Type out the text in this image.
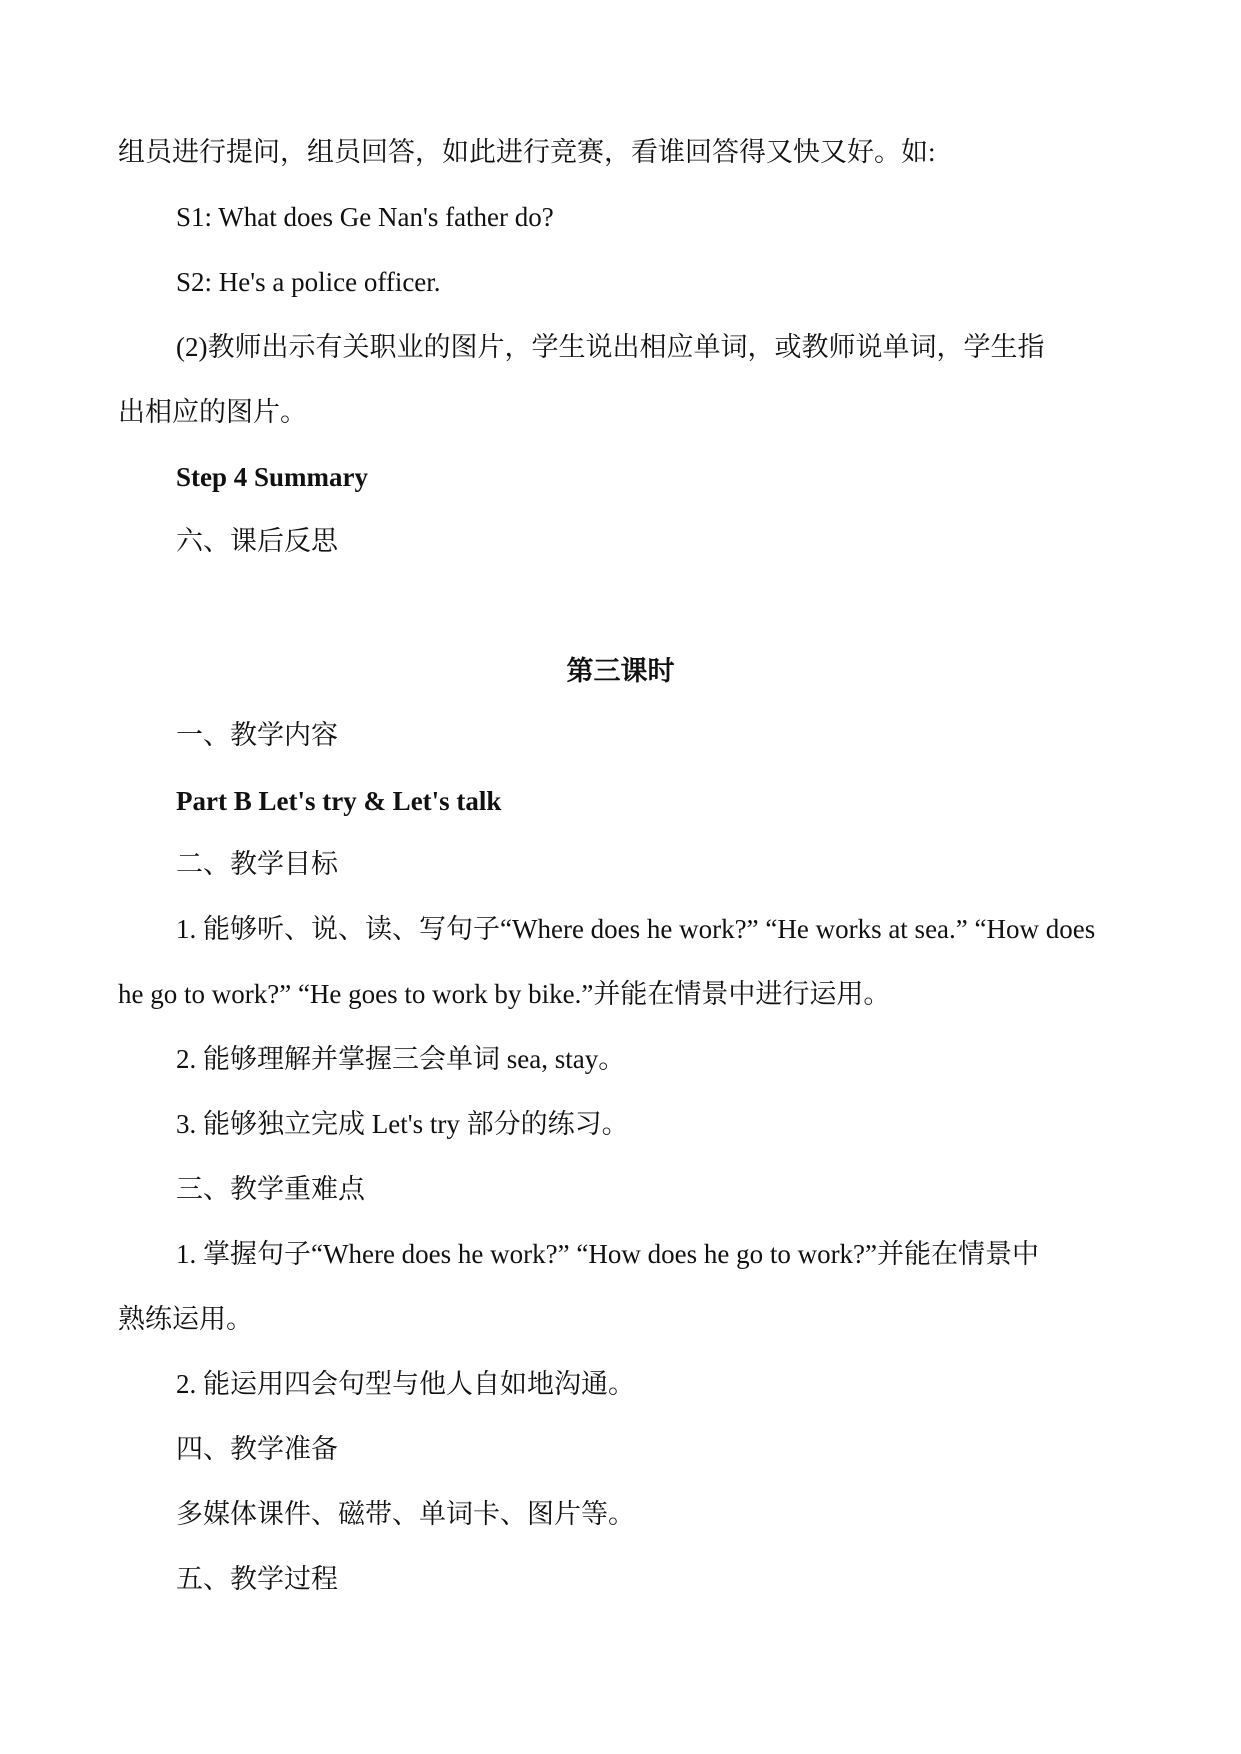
组员进行提问，组员回答，如此进行竞赛，看谁回答得又快又好。如:
S1: What does Ge Nan's father do?
S2: He's a police officer.
(2)教师出示有关职业的图片，学生说出相应单词，或教师说单词，学生指
出相应的图片。
Step 4 Summary
六、课后反思
第三课时
一、教学内容
Part B Let's try & Let's talk
二、教学目标
1. 能够听、说、读、写句子“Where does he work?” “He works at sea.” “How does
he go to work?” “He goes to work by bike.”并能在情景中进行运用。
2. 能够理解并掌握三会单词 sea, stay。
3. 能够独立完成 Let's try 部分的练习。
三、教学重难点
1. 掌握句子“Where does he work?” “How does he go to work?”并能在情景中
熟练运用。
2. 能运用四会句型与他人自如地沟通。
四、教学准备
多媒体课件、磁带、单词卡、图片等。
五、教学过程
